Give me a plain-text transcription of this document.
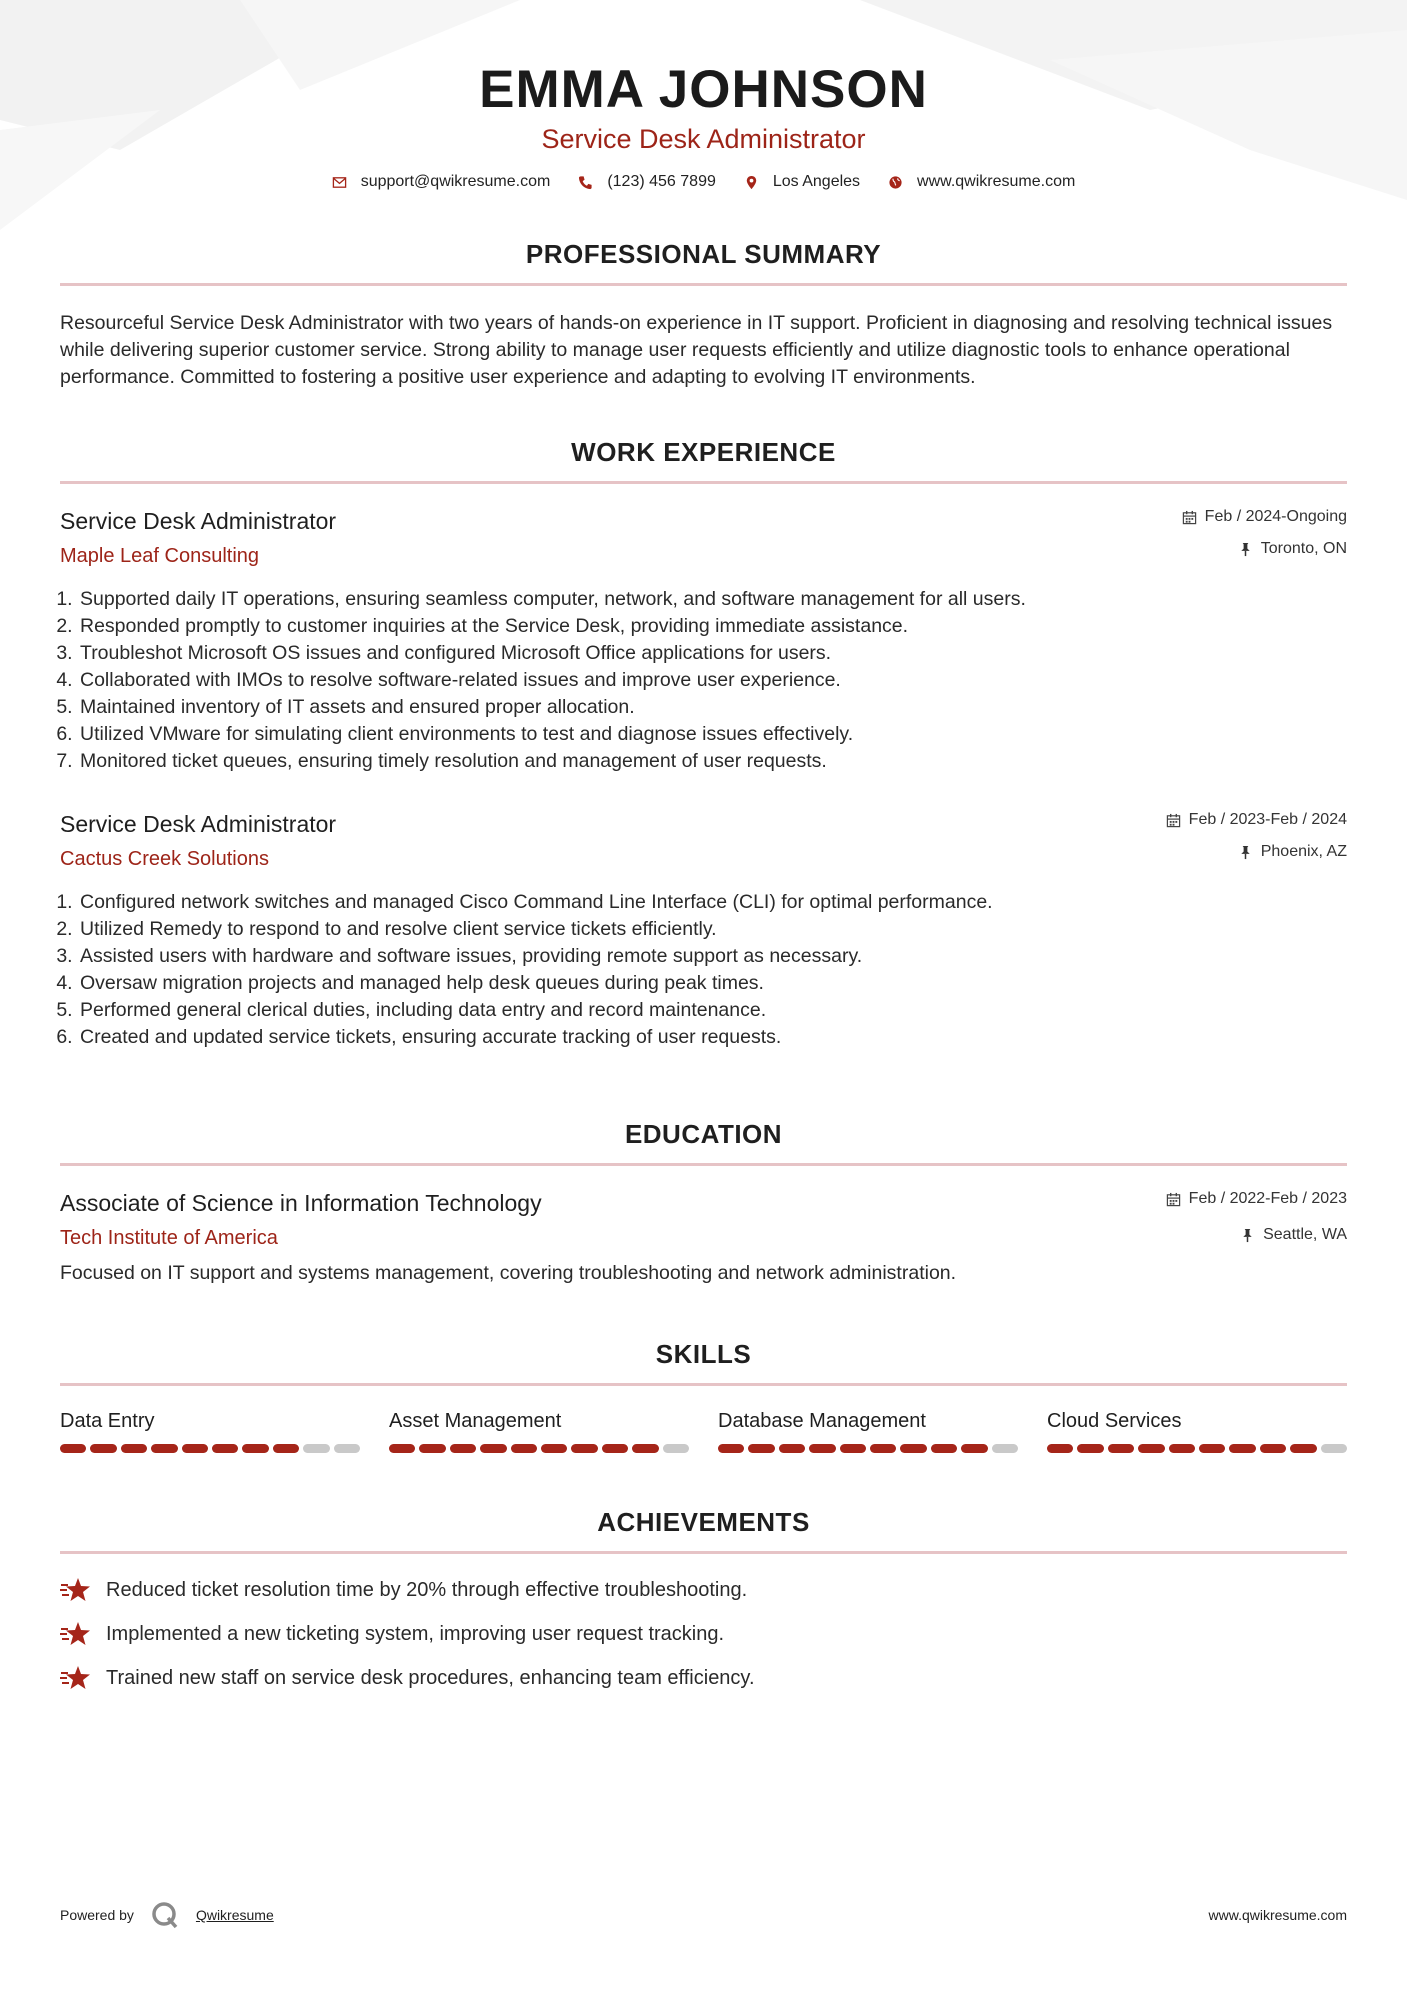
EMMA JOHNSON
Service Desk Administrator
support@qwikresume.com	(123) 456 7899	Los Angeles	www.qwikresume.com
PROFESSIONAL SUMMARY
Resourceful Service Desk Administrator with two years of hands-on experience in IT support. Proficient in diagnosing and resolving technical issues while delivering superior customer service. Strong ability to manage user requests efficiently and utilize diagnostic tools to enhance operational performance. Committed to fostering a positive user experience and adapting to evolving IT environments.
WORK EXPERIENCE
Service Desk Administrator
Maple Leaf Consulting
Feb / 2024-Ongoing
Toronto, ON
1. Supported daily IT operations, ensuring seamless computer, network, and software management for all users.
2. Responded promptly to customer inquiries at the Service Desk, providing immediate assistance.
3. Troubleshot Microsoft OS issues and configured Microsoft Office applications for users.
4. Collaborated with IMOs to resolve software-related issues and improve user experience.
5. Maintained inventory of IT assets and ensured proper allocation.
6. Utilized VMware for simulating client environments to test and diagnose issues effectively.
7. Monitored ticket queues, ensuring timely resolution and management of user requests.
Service Desk Administrator
Cactus Creek Solutions
Feb / 2023-Feb / 2024
Phoenix, AZ
1. Configured network switches and managed Cisco Command Line Interface (CLI) for optimal performance.
2. Utilized Remedy to respond to and resolve client service tickets efficiently.
3. Assisted users with hardware and software issues, providing remote support as necessary.
4. Oversaw migration projects and managed help desk queues during peak times.
5. Performed general clerical duties, including data entry and record maintenance.
6. Created and updated service tickets, ensuring accurate tracking of user requests.
EDUCATION
Associate of Science in Information Technology
Tech Institute of America
Feb / 2022-Feb / 2023
Seattle, WA
Focused on IT support and systems management, covering troubleshooting and network administration.
SKILLS
Data Entry	Asset Management	Database Management	Cloud Services
ACHIEVEMENTS
Reduced ticket resolution time by 20% through effective troubleshooting.
Implemented a new ticketing system, improving user request tracking.
Trained new staff on service desk procedures, enhancing team efficiency.
Powered by	Qwikresume	www.qwikresume.com
